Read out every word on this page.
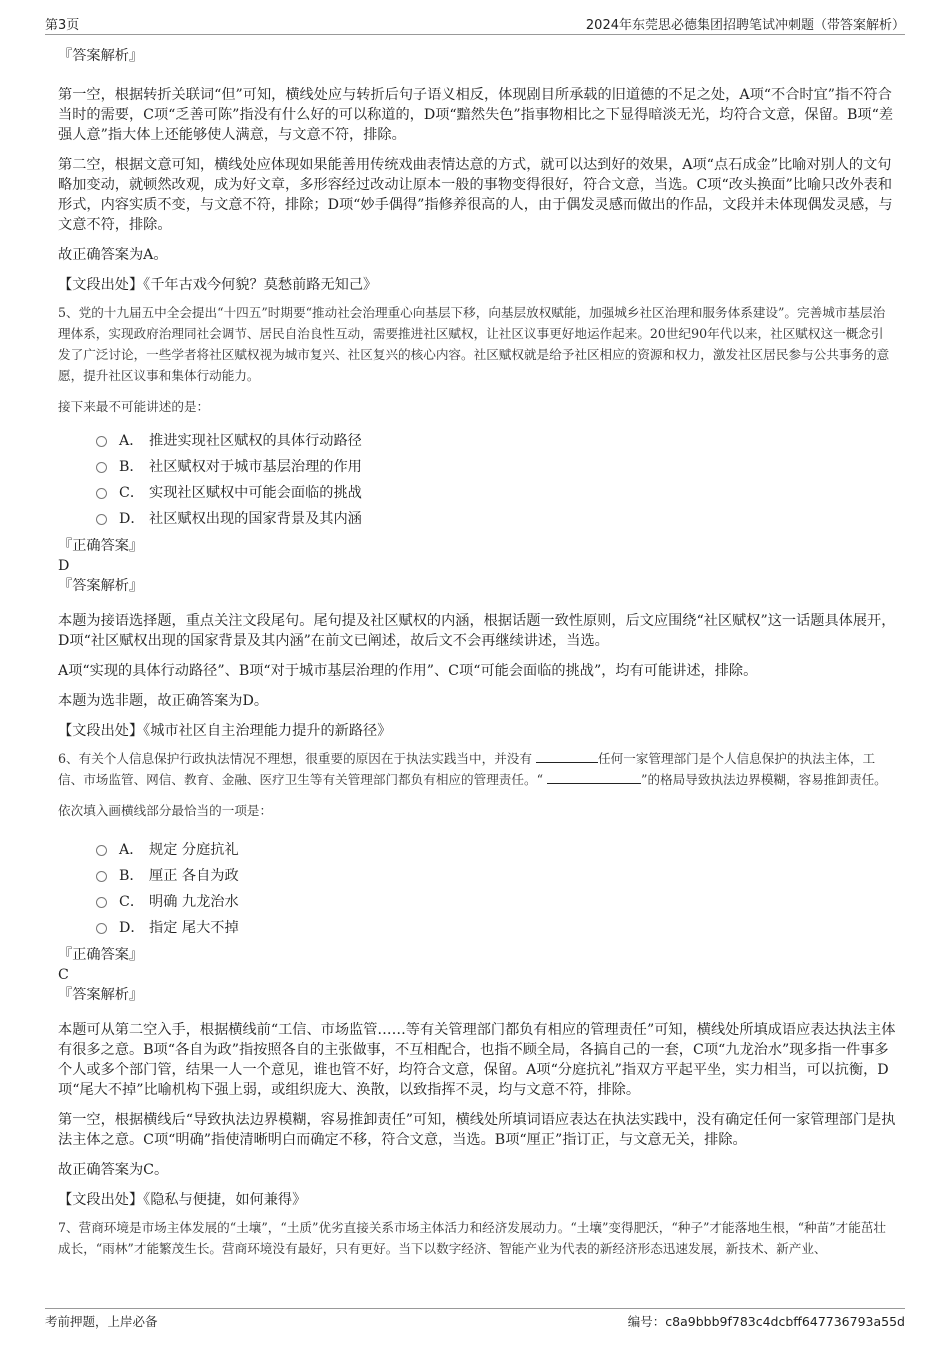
第3页	2024年东莞思必德集团招聘笔试冲刺题（带答案解析）
『答案解析』

第一空，根据转折关联词“但”可知，横线处应与转折后句子语义相反，体现剧目所承载的旧道德的不足之处，A项“不合时宜”指不符合当时的需要，C项“乏善可陈”指没有什么好的可以称道的，D项“黯然失色”指事物相比之下显得暗淡无光，均符合文意，保留。B项“差强人意”指大体上还能够使人满意，与文意不符，排除。

第二空，根据文意可知，横线处应体现如果能善用传统戏曲表情达意的方式，就可以达到好的效果，A项“点石成金”比喻对别人的文句略加变动，就顿然改观，成为好文章，多形容经过改动让原本一般的事物变得很好，符合文意，当选。C项“改头换面”比喻只改外表和形式，内容实质不变，与文意不符，排除；D项“妙手偶得”指修养很高的人，由于偶发灵感而做出的作品，文段并未体现偶发灵感，与文意不符，排除。

故正确答案为A。

【文段出处】《千年古戏今何貌？莫愁前路无知己》

5、党的十九届五中全会提出“十四五”时期要“推动社会治理重心向基层下移，向基层放权赋能，加强城乡社区治理和服务体系建设”。完善城市基层治理体系，实现政府治理同社会调节、居民自治良性互动，需要推进社区赋权，让社区议事更好地运作起来。20世纪90年代以来，社区赋权这一概念引发了广泛讨论，一些学者将社区赋权视为城市复兴、社区复兴的核心内容。社区赋权就是给予社区相应的资源和权力，激发社区居民参与公共事务的意愿，提升社区议事和集体行动能力。

接下来最不可能讲述的是：

A． 推进实现社区赋权的具体行动路径
B． 社区赋权对于城市基层治理的作用
C． 实现社区赋权中可能会面临的挑战
D． 社区赋权出现的国家背景及其内涵
『正确答案』
D
『答案解析』

本题为接语选择题，重点关注文段尾句。尾句提及社区赋权的内涵，根据话题一致性原则，后文应围绕“社区赋权”这一话题具体展开，D项“社区赋权出现的国家背景及其内涵”在前文已阐述，故后文不会再继续讲述，当选。

A项“实现的具体行动路径”、B项“对于城市基层治理的作用”、C项“可能会面临的挑战”，均有可能讲述，排除。

本题为选非题，故正确答案为D。

【文段出处】《城市社区自主治理能力提升的新路径》

6、有关个人信息保护行政执法情况不理想，很重要的原因在于执法实践当中，并没有	任何一家管理部门是个人信息保护的执法主体，工信、市场监管、网信、教育、金融、医疗卫生等有关管理部门都负有相应的管理责任。“	”的格局导致执法边界模糊，容易推卸责任。

依次填入画横线部分最恰当的一项是：

A． 规定 分庭抗礼
B． 厘正 各自为政
C． 明确 九龙治水
D． 指定 尾大不掉
『正确答案』
C
『答案解析』

本题可从第二空入手，根据横线前“工信、市场监管……等有关管理部门都负有相应的管理责任”可知，横线处所填成语应表达执法主体有很多之意。B项“各自为政”指按照各自的主张做事，不互相配合，也指不顾全局，各搞自己的一套，C项“九龙治水”现多指一件事多个人或多个部门管，结果一人一个意见，谁也管不好，均符合文意，保留。A项“分庭抗礼”指双方平起平坐，实力相当，可以抗衡，D项“尾大不掉”比喻机构下强上弱，或组织庞大、涣散，以致指挥不灵，均与文意不符，排除。

第一空，根据横线后“导致执法边界模糊，容易推卸责任”可知，横线处所填词语应表达在执法实践中，没有确定任何一家管理部门是执法主体之意。C项“明确”指使清晰明白而确定不移，符合文意，当选。B项“厘正”指订正，与文意无关，排除。

故正确答案为C。

【文段出处】《隐私与便捷，如何兼得》

7、营商环境是市场主体发展的“土壤”，“土质”优劣直接关系市场主体活力和经济发展动力。“土壤”变得肥沃，“种子”才能落地生根，“种苗”才能茁壮成长，“雨林”才能繁茂生长。营商环境没有最好，只有更好。当下以数字经济、智能产业为代表的新经济形态迅速发展，新技术、新产业、

考前押题，上岸必备	编号：c8a9bbb9f783c4dcbff647736793a55d
